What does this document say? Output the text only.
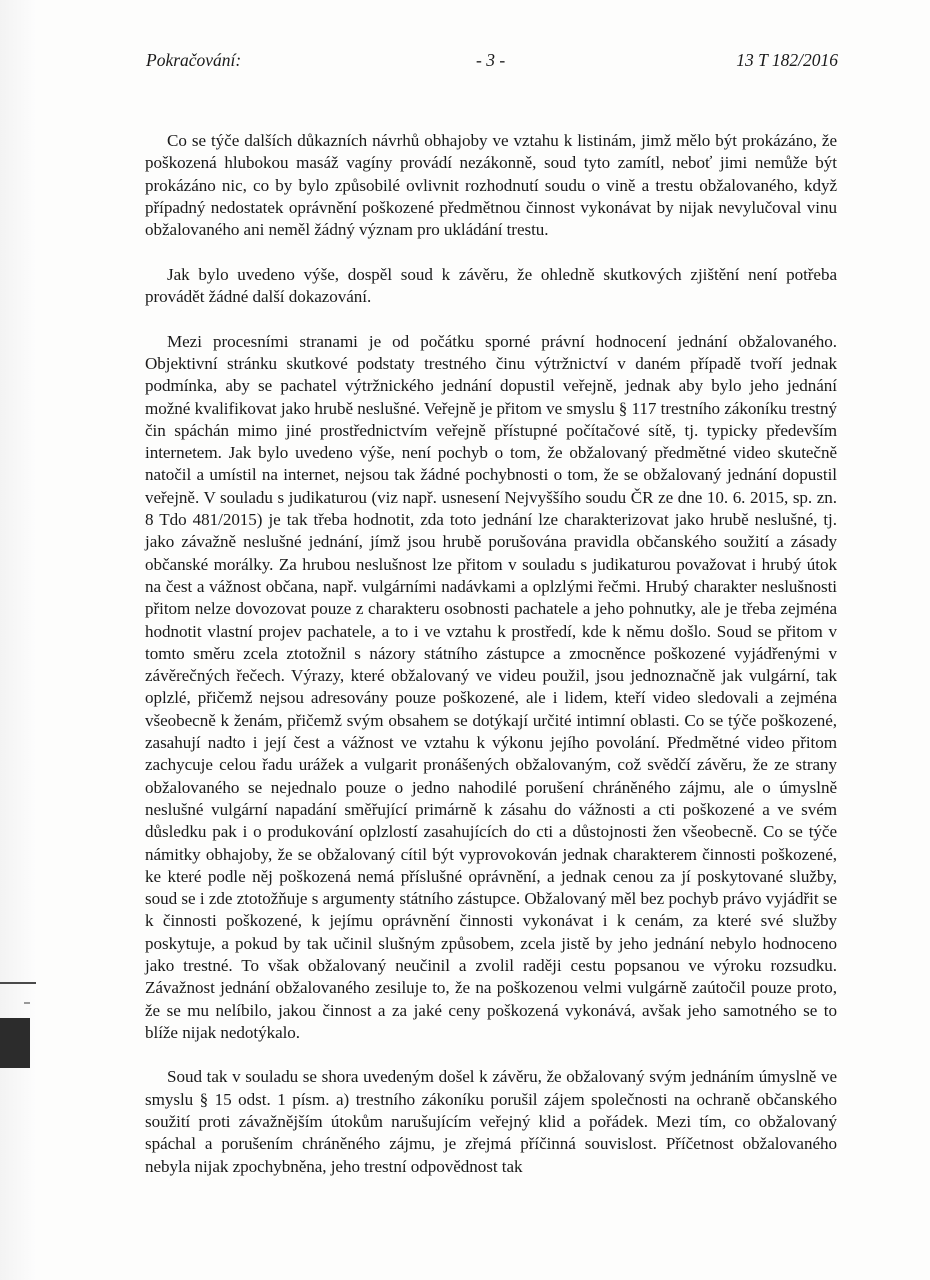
Pokračování:	- 3 -	13 T 182/2016

Co se týče dalších důkazních návrhů obhajoby ve vztahu k listinám, jimž mělo být prokázáno, že poškozená hlubokou masáž vagíny provádí nezákonně, soud tyto zamítl, neboť jimi nemůže být prokázáno nic, co by bylo způsobilé ovlivnit rozhodnutí soudu o vině a trestu obžalovaného, když případný nedostatek oprávnění poškozené předmětnou činnost vykonávat by nijak nevylučoval vinu obžalovaného ani neměl žádný význam pro ukládání trestu.

Jak bylo uvedeno výše, dospěl soud k závěru, že ohledně skutkových zjištění není potřeba provádět žádné další dokazování.

Mezi procesními stranami je od počátku sporné právní hodnocení jednání obžalovaného. Objektivní stránku skutkové podstaty trestného činu výtržnictví v daném případě tvoří jednak podmínka, aby se pachatel výtržnického jednání dopustil veřejně, jednak aby bylo jeho jednání možné kvalifikovat jako hrubě neslušné. Veřejně je přitom ve smyslu § 117 trestního zákoníku trestný čin spáchán mimo jiné prostřednictvím veřejně přístupné počítačové sítě, tj. typicky především internetem. Jak bylo uvedeno výše, není pochyb o tom, že obžalovaný předmětné video skutečně natočil a umístil na internet, nejsou tak žádné pochybnosti o tom, že se obžalovaný jednání dopustil veřejně. V souladu s judikaturou (viz např. usnesení Nejvyššího soudu ČR ze dne 10. 6. 2015, sp. zn. 8 Tdo 481/2015) je tak třeba hodnotit, zda toto jednání lze charakterizovat jako hrubě neslušné, tj. jako závažně neslušné jednání, jímž jsou hrubě porušována pravidla občanského soužití a zásady občanské morálky. Za hrubou neslušnost lze přitom v souladu s judikaturou považovat i hrubý útok na čest a vážnost občana, např. vulgárními nadávkami a oplzlými řečmi. Hrubý charakter neslušnosti přitom nelze dovozovat pouze z charakteru osobnosti pachatele a jeho pohnutky, ale je třeba zejména hodnotit vlastní projev pachatele, a to i ve vztahu k prostředí, kde k němu došlo. Soud se přitom v tomto směru zcela ztotožnil s názory státního zástupce a zmocněnce poškozené vyjádřenými v závěrečných řečech. Výrazy, které obžalovaný ve videu použil, jsou jednoznačně jak vulgární, tak oplzlé, přičemž nejsou adresovány pouze poškozené, ale i lidem, kteří video sledovali a zejména všeobecně k ženám, přičemž svým obsahem se dotýkají určité intimní oblasti. Co se týče poškozené, zasahují nadto i její čest a vážnost ve vztahu k výkonu jejího povolání. Předmětné video přitom zachycuje celou řadu urážek a vulgarit pronášených obžalovaným, což svědčí závěru, že ze strany obžalovaného se nejednalo pouze o jedno nahodilé porušení chráněného zájmu, ale o úmyslně neslušné vulgární napadání směřující primárně k zásahu do vážnosti a cti poškozené a ve svém důsledku pak i o produkování oplzlostí zasahujících do cti a důstojnosti žen všeobecně. Co se týče námitky obhajoby, že se obžalovaný cítil být vyprovokován jednak charakterem činnosti poškozené, ke které podle něj poškozená nemá příslušné oprávnění, a jednak cenou za jí poskytované služby, soud se i zde ztotožňuje s argumenty státního zástupce. Obžalovaný měl bez pochyb právo vyjádřit se k činnosti poškozené, k jejímu oprávnění činnosti vykonávat i k cenám, za které své služby poskytuje, a pokud by tak učinil slušným způsobem, zcela jistě by jeho jednání nebylo hodnoceno jako trestné. To však obžalovaný neučinil a zvolil raději cestu popsanou ve výroku rozsudku. Závažnost jednání obžalovaného zesiluje to, že na poškozenou velmi vulgárně zaútočil pouze proto, že se mu nelíbilo, jakou činnost a za jaké ceny poškozená vykonává, avšak jeho samotného se to blíže nijak nedotýkalo.

Soud tak v souladu se shora uvedeným došel k závěru, že obžalovaný svým jednáním úmyslně ve smyslu § 15 odst. 1 písm. a) trestního zákoníku porušil zájem společnosti na ochraně občanského soužití proti závažnějším útokům narušujícím veřejný klid a pořádek. Mezi tím, co obžalovaný spáchal a porušením chráněného zájmu, je zřejmá příčinná souvislost. Příčetnost obžalovaného nebyla nijak zpochybněna, jeho trestní odpovědnost tak
